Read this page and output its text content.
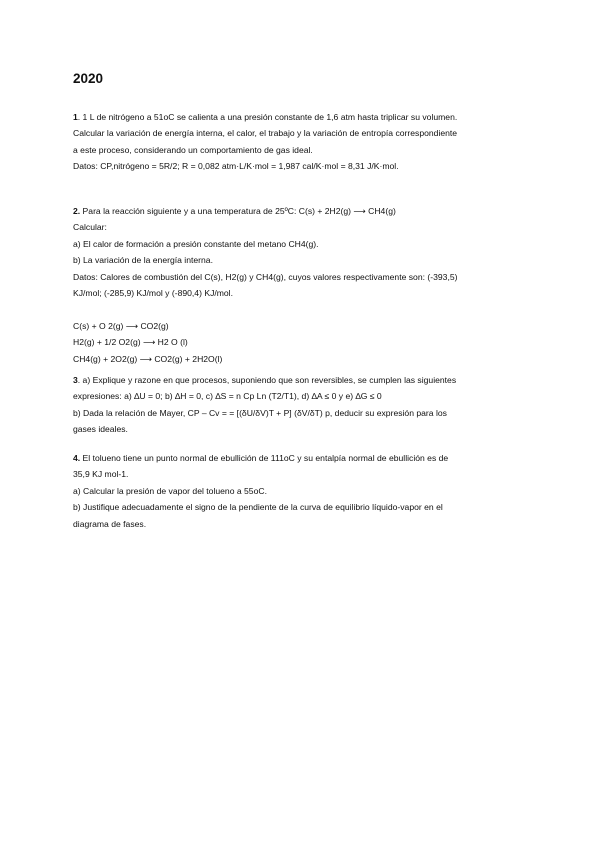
2020
1. 1 L de nitrógeno a 51oC se calienta a una presión constante de 1,6 atm hasta triplicar su volumen.
Calcular la variación de energía interna, el calor, el trabajo y la variación de entropía correspondiente
a este proceso, considerando un comportamiento de gas ideal.
Datos: CP,nitrógeno = 5R/2; R = 0,082 atm·L/K·mol = 1,987 cal/K·mol = 8,31 J/K·mol.
2. Para la reacción siguiente y a una temperatura de 25ºC: C(s) + 2H2(g) ⟶ CH4(g)
Calcular:
a) El calor de formación a presión constante del metano CH4(g).
b) La variación de la energía interna.
Datos: Calores de combustión del C(s), H2(g) y CH4(g), cuyos valores respectivamente son: (-393,5)
KJ/mol; (-285,9) KJ/mol y (-890,4) KJ/mol.

C(s) + O 2(g) ⟶ CO2(g)
H2(g) + 1/2 O2(g) ⟶ H2 O (l)
CH4(g) + 2O2(g) ⟶ CO2(g) + 2H2O(l)
3. a) Explique y razone en que procesos, suponiendo que son reversibles, se cumplen las siguientes
expresiones: a) ∆U = 0; b) ∆H = 0, c) ∆S = n Cp Ln (T2/T1), d) ∆A ≤ 0 y e) ∆G ≤ 0
b) Dada la relación de Mayer, CP – Cv = = [(δU/δV)T + P] (δV/δT) p, deducir su expresión para los
gases ideales.
4. El tolueno tiene un punto normal de ebullición de 111oC y su entalpía normal de ebullición es de
35,9 KJ mol-1.
a) Calcular la presión de vapor del tolueno a 55oC.
b) Justifique adecuadamente el signo de la pendiente de la curva de equilibrio líquido-vapor en el
diagrama de fases.
